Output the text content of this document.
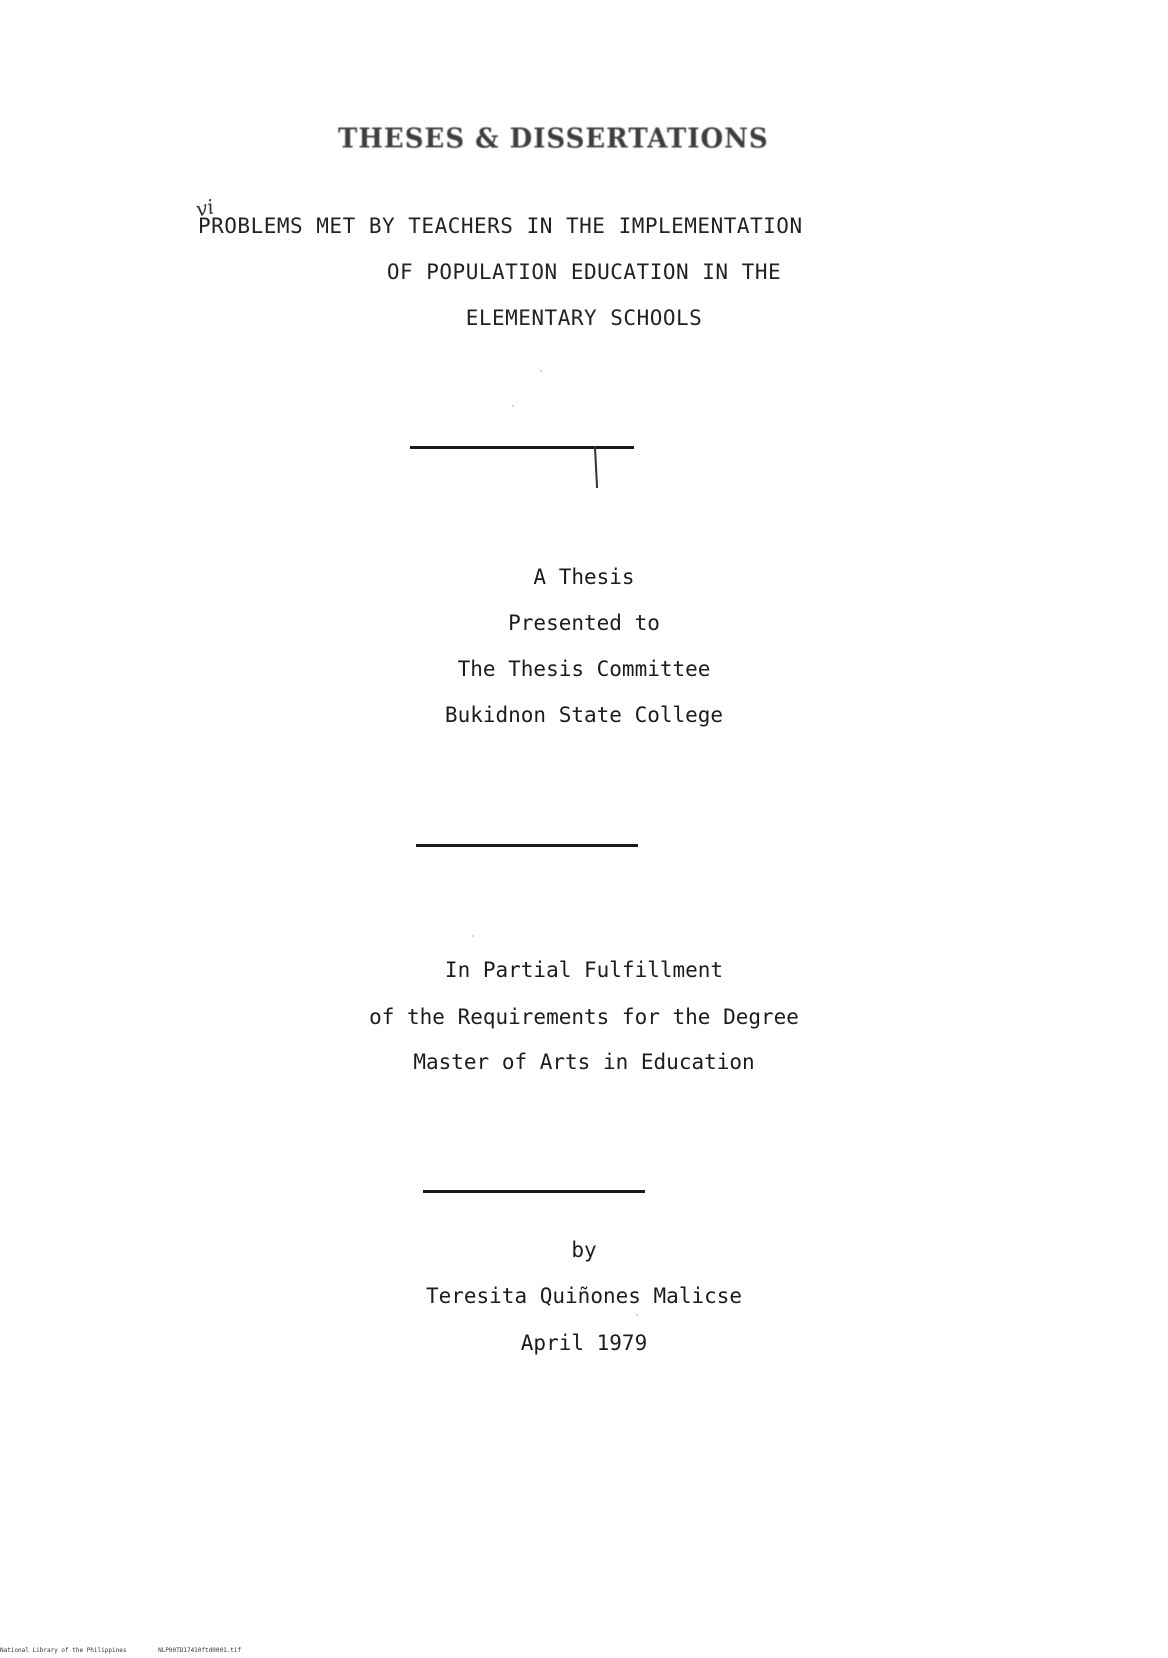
THESES & DISSERTATIONS
vi
PROBLEMS MET BY TEACHERS IN THE IMPLEMENTATION
OF POPULATION EDUCATION IN THE
ELEMENTARY SCHOOLS
A Thesis
Presented to
The Thesis Committee
Bukidnon State College
In Partial Fulfillment
of the Requirements for the Degree
Master of Arts in Education
by
Teresita Quiñones Malicse
April 1979
National Library of the Philippines	NLP00TD17410ftd0001.tif
